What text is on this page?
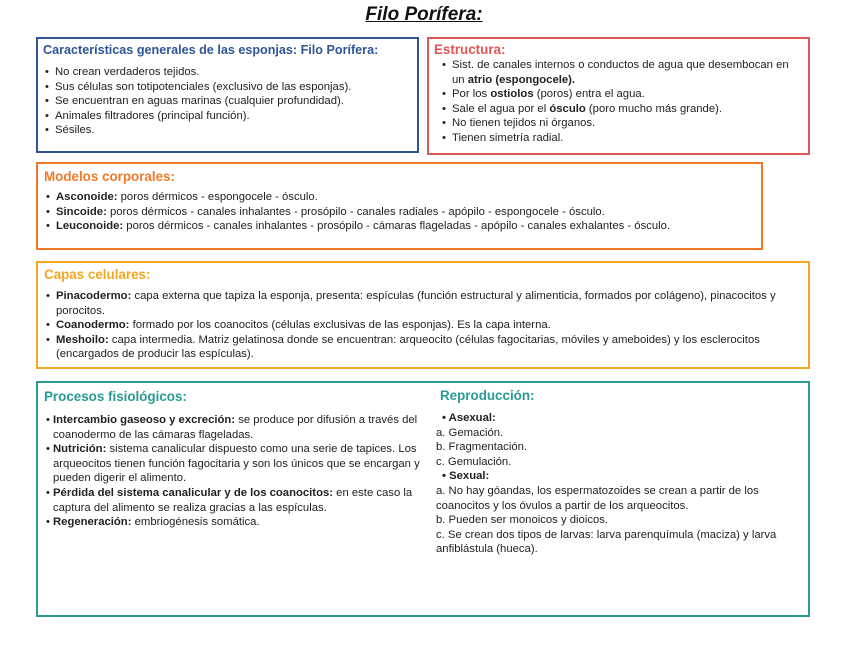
Filo Porífera:
Características generales de las esponjas: Filo Porífera:
• No crean verdaderos tejidos.
• Sus células son totipotenciales (exclusivo de las esponjas).
• Se encuentran en aguas marinas (cualquier profundidad).
• Animales filtradores (principal función).
• Sésiles.
Estructura:
• Sist. de canales internos o conductos de agua que desembocan en un atrio (espongocele).
• Por los ostiolos (poros) entra el agua.
• Sale el agua por el ósculo (poro mucho más grande).
• No tienen tejidos ni órganos.
• Tienen simetría radial.
Modelos corporales:
• Asconoide: poros dérmicos - espongocele - ósculo.
• Sincoide: poros dérmicos - canales inhalantes - prosópilo - canales radiales - apópilo - espongocele - ósculo.
• Leuconoide: poros dérmicos - canales inhalantes - prosópilo - cámaras flageladas - apópilo - canales exhalantes - ósculo.
Capas celulares:
• Pinacodermo: capa externa que tapiza la esponja, presenta: espículas (función estructural y alimenticia, formados por colágeno), pinacocitos y porocitos.
• Coanodermo: formado por los coanocitos (células exclusivas de las esponjas). Es la capa interna.
• Meshoilo: capa intermedia. Matriz gelatinosa donde se encuentran: arqueocito (células fagocitarias, móviles y ameboides) y los esclerocitos (encargados de producir las espículas).
Procesos fisiológicos:
• Intercambio gaseoso y excreción: se produce por difusión a través del coanodermo de las cámaras flageladas.
• Nutrición: sistema canalicular dispuesto como una serie de tapices. Los arqueocitos tienen función fagocitaria y son los únicos que se encargan y pueden digerir el alimento.
• Pérdida del sistema canalicular y de los coanocitos: en este caso la captura del alimento se realiza gracias a las espículas.
• Regeneración: embriogénesis somática.
Reproducción:
• Asexual:
a. Gemación.
b. Fragmentación.
c. Gemulación.
• Sexual:
a. No hay góandas, los espermatozoides se crean a partir de los coanocitos y los óvulos a partir de los arqueocitos.
b. Pueden ser monoicos y dioicos.
c. Se crean dos tipos de larvas: larva parenquímula (maciza) y larva anfiblástula (hueca).
